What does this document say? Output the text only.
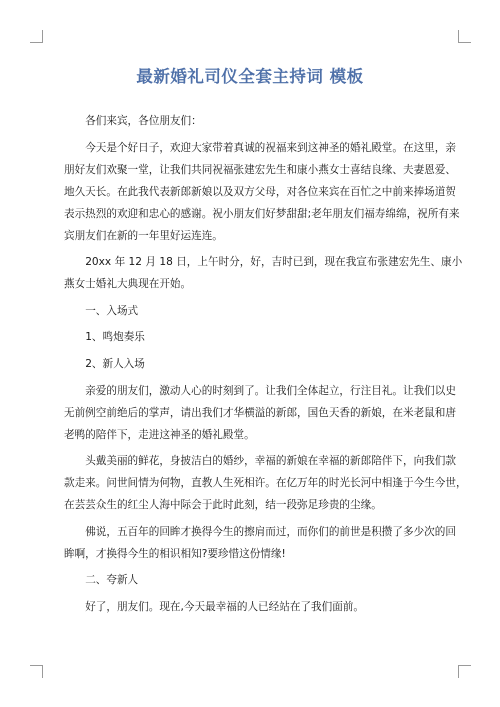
最新婚礼司仪全套主持词 模板

各们来宾，各位朋友们：

今天是个好日子，欢迎大家带着真诚的祝福来到这神圣的婚礼殿堂。在这里，亲
朋好友们欢聚一堂，让我们共同祝福张建宏先生和康小燕女士喜结良缘、夫妻恩爱、
地久天长。在此我代表新郎新娘以及双方父母，对各位来宾在百忙之中前来捧场道贺
表示热烈的欢迎和忠心的感谢。祝小朋友们好梦甜甜;老年朋友们福寿绵绵，祝所有来
宾朋友们在新的一年里好运连连。

20xx 年 12 月 18 日，上午时分，好，吉时已到，现在我宣布张建宏先生、康小
燕女士婚礼大典现在开始。

一、入场式

1、鸣炮奏乐

2、新人入场

亲爱的朋友们，激动人心的时刻到了。让我们全体起立，行注目礼。让我们以史
无前例空前绝后的掌声，请出我们才华横溢的新郎，国色天香的新娘，在米老鼠和唐
老鸭的陪伴下，走进这神圣的婚礼殿堂。

头戴美丽的鲜花，身披洁白的婚纱，幸福的新娘在幸福的新郎陪伴下，向我们款
款走来。问世间情为何物，直教人生死相许。在亿万年的时光长河中相逢于今生今世，
在芸芸众生的红尘人海中际会于此时此刻，结一段弥足珍贵的尘缘。

佛说，五百年的回眸才换得今生的擦肩而过，而你们的前世是积攒了多少次的回
眸啊，才换得今生的相识相知?要珍惜这份情缘!

二、夸新人

好了，朋友们。现在,今天最幸福的人已经站在了我们面前。
